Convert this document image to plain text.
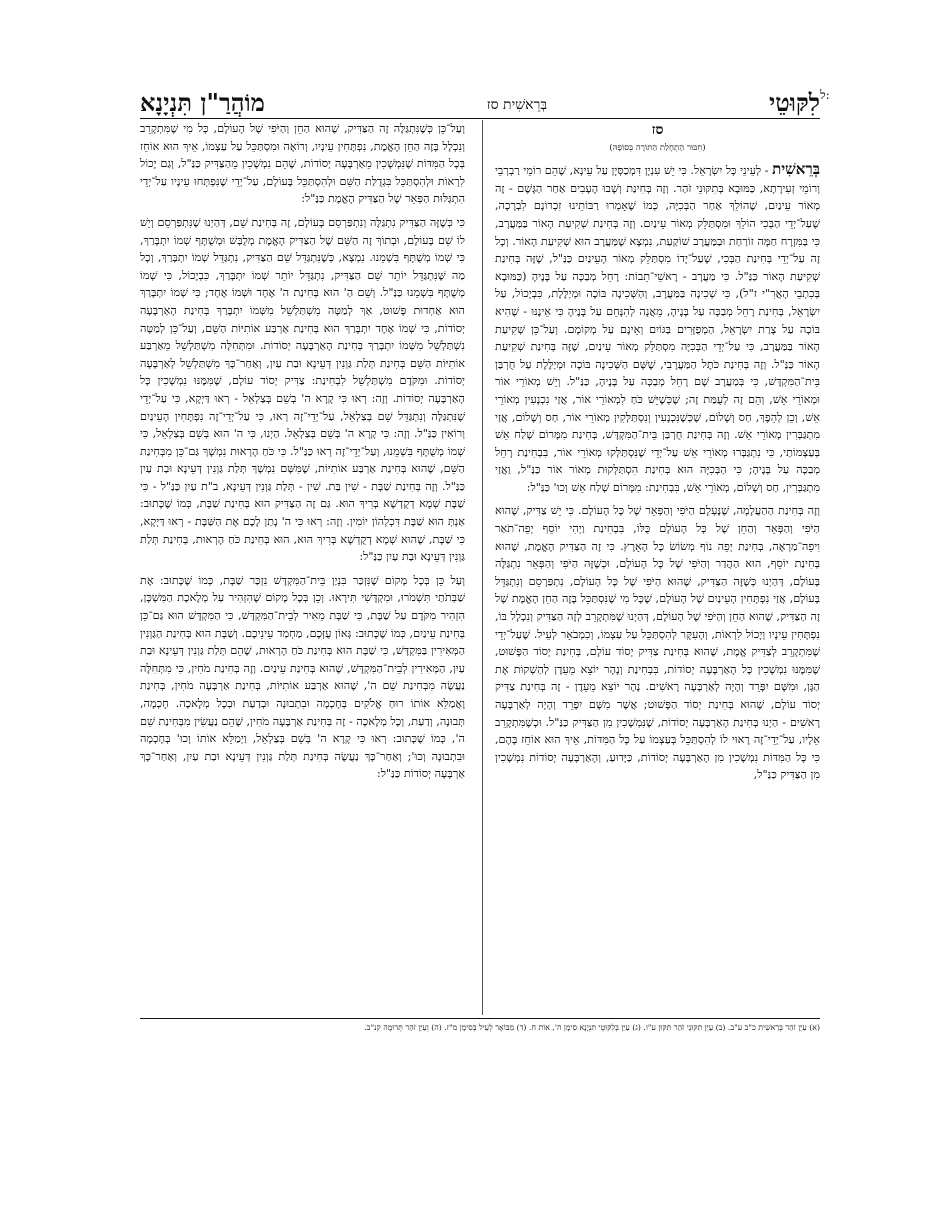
ל:
לִקּוּטֵי
בְּרֵאשִׁית סז
מוֹהֲרַ"ן תִּנְיָנָא
סז
(חִבּוּר הַתְחָלַת הַתּוֹרָה בְּסוֹפָהּ)

בְּרֵאשִׁית - לְעֵינֵי כָּל יִשְׂרָאֵל. כִּי יֵשׁ עִנְיָן דִּמְכַסְּיָן עַל עֵינָא, שֶׁהֵם רוֹמֵי רַבְרְבֵי וְרוֹמֵי זְעִירָתָא, כַּמּוּבָא בְּתִקּוּנֵי זֹהַר. וְזֶה בְּחִינַת וְשָׁבוּ הֶעָבִים אַחַר הַגָּשֶׁם - זֶה מְאוֹר עֵינַיִם, שֶׁהוֹלֵךְ אַחַר הַבְּכִיָּה, כְּמוֹ שֶׁאָמְרוּ רַבּוֹתֵינוּ זִכְרוֹנָם לִבְרָכָה, שֶׁעַל־יְדֵי הַבְּכִי הוֹלֵךְ וּמִסְתַּלֵּק מְאוֹר עֵינַיִם. וְזֶה בְּחִינַת שְׁקִיעַת הָאוֹר בַּמַּעֲרָב, כִּי בַּמִּזְרָח חַמָּה זוֹרַחַת וּבַמַּעֲרָב שׁוֹקַעַת, נִמְצָא שֶׁמַּעֲרָב הוּא שְׁקִיעַת הָאוֹר. וְכָל זֶה עַל־יְדֵי בְּחִינַת הַבְּכִי, שֶׁעַל־יָדוֹ מִסְתַּלֵּק מְאוֹר הָעֵינַיִם כַּנַּ"ל, שֶׁזֶּה בְּחִינַת שְׁקִיעַת הָאוֹר כַּנַּ"ל. כִּי מַעֲרָב - רָאשֵׁי־תֵבוֹת: רָחֵל מְבַכָּה עַל בָּנֶיהָ (כַּמּוּבָא בְּכִתְבֵי הָאֲרִ"י ז"ל), כִּי שְׁכִינָה בַּמַּעֲרָב, וְהַשְּׁכִינָה בּוֹכָה וּמְיַלֶּלֶת, כִּבְיָכוֹל, עַל יִשְׂרָאֵל, בְּחִינַת רָחֵל מְבַכָּה עַל בָּנֶיהָ, מֵאֲנָה לְהִנָּחֵם עַל בָּנֶיהָ כִּי אֵינֶנּוּ - שֶׁהִיא בּוֹכָה עַל צָרַת יִשְׂרָאֵל, הַמְפֻזָּרִים בַּגּוֹיִם וְאֵינָם עַל מְקוֹמָם. וְעַל־כֵּן שְׁקִיעַת הָאוֹר בַּמַּעֲרָב, כִּי עַל־יְדֵי הַבְּכִיָּה מִסְתַּלֵּק מְאוֹר עֵינַיִם, שֶׁזֶּה בְּחִינַת שְׁקִיעַת הָאוֹר כַּנַּ"ל. וְזֶה בְּחִינַת כֹּתֶל הַמַּעֲרָבִי, שֶׁשָּׁם הַשְּׁכִינָה בּוֹכָה וּמְיַלֶּלֶת עַל חֻרְבַּן בֵּית־הַמִּקְדָּשׁ, כִּי בְּמַעֲרָב שָׁם רָחֵל מְבַכָּה עַל בָּנֶיהָ, כַּנַּ"ל. וְיֵשׁ מְאוֹרֵי אוֹר וּמְאוֹרֵי אֵשׁ, וְהֵם זֶה לְעֻמַּת זֶה; שֶׁכְּשֶׁיֵּשׁ כֹּחַ לִמְאוֹרֵי אוֹר, אֲזַי נִכְנָעִין מְאוֹרֵי אֵשׁ, וְכֵן לְהֵפֶךְ, חַס וְשָׁלוֹם, שֶׁכְּשֶׁנִּכְנָעִין וְנִסְתַּלְּקִין מְאוֹרֵי אוֹר, חַס וְשָׁלוֹם, אֲזַי מִתְגַּבְּרִין מְאוֹרֵי אֵשׁ. וְזֶה בְּחִינַת חֻרְבַּן בֵּית־הַמִּקְדָּשׁ, בְּחִינַת מִמָּרוֹם שָׁלַח אֵשׁ בְּעַצְמוֹתַי, כִּי נִתְגַּבְּרוּ מְאוֹרֵי אֵשׁ עַל־יְדֵי שֶׁנִּסְתַּלְּקוּ מְאוֹרֵי אוֹר, בִּבְחִינַת רָחֵל מְבַכָּה עַל בָּנֶיהָ; כִּי הַבְּכִיָּה הוּא בְּחִינַת הִסְתַּלְּקוּת מְאוֹר אוֹר כַּנַּ"ל, וַאֲזַי מִתְגַּבְּרִין, חַס וְשָׁלוֹם, מְאוֹרֵי אֵשׁ, בִּבְחִינַת: מִמָּרוֹם שָׁלַח אֵשׁ וְכוּ' כַּנַּ"ל:

וְזֶה בְּחִינַת הַהַעֲלָמָה, שֶׁנֶּעְלָם הַיֹּפִי וְהַפְּאֵר שֶׁל כָּל הָעוֹלָם. כִּי יֵשׁ צַדִּיק, שֶׁהוּא הַיֹּפִי וְהַפְּאֵר וְהַחֵן שֶׁל כָּל הָעוֹלָם כֻּלּוֹ, בִּבְחִינַת וַיְהִי יוֹסֵף יְפֵה־תֹאַר וִיפֵה־מַרְאֶה, בְּחִינַת יְפֵה נוֹף מְשׂוֹשׂ כָּל הָאָרֶץ. כִּי זֶה הַצַּדִּיק הָאֱמֶת, שֶׁהוּא בְּחִינַת יוֹסֵף, הוּא הַהֲדַר וְהַיֹּפִי שֶׁל כָּל הָעוֹלָם, וּכְשֶׁזֶּה הַיֹּפִי וְהַפְּאֵר נִתְגַּלֶּה בָּעוֹלָם, דְּהַיְנוּ כְּשֶׁזֶּה הַצַּדִּיק, שֶׁהוּא הַיֹּפִי שֶׁל כָּל הָעוֹלָם, נִתְפַּרְסֵם וְנִתְגַּדֵּל בָּעוֹלָם, אֲזַי נִפְתָּחִין הָעֵינַיִם שֶׁל הָעוֹלָם, שֶׁכָּל מִי שֶׁנִּסְתַּכֵּל בָּזֶה הַחֵן הָאֱמֶת שֶׁל זֶה הַצַּדִּיק, שֶׁהוּא הַחֵן וְהַיֹּפִי שֶׁל הָעוֹלָם, דְּהַיְנוּ שֶׁמִּתְקָרֵב לְזֶה הַצַּדִּיק וְנִכְלָל בּוֹ, נִפְתָּחִין עֵינָיו וְיָכוֹל לִרְאוֹת, וְהָעִקָּר לְהִסְתַּכֵּל עַל עַצְמוֹ, וְכִמְבֹאָר לְעֵיל. שֶׁעַל־יְדֵי שֶׁמִּתְקָרֵב לְצַדִּיק אֱמֶת, שֶׁהוּא בְּחִינַת צַדִּיק יְסוֹד עוֹלָם, בְּחִינַת יְסוֹד הַפָּשׁוּט, שֶׁמִּמֶּנּוּ נִמְשָׁכִין כָּל הָאַרְבָּעָה יְסוֹדוֹת, בִּבְחִינַת וְנָהָר יוֹצֵא מֵעֵדֶן לְהַשְׁקוֹת אֶת הַגָּן, וּמִשָּׁם יִפָּרֵד וְהָיָה לְאַרְבָּעָה רָאשִׁים. נָהָר יוֹצֵא מֵעֵדֶן - זֶה בְּחִינַת צַדִּיק יְסוֹד עוֹלָם, שֶׁהוּא בְּחִינַת יְסוֹד הַפָּשׁוּט; אֲשֶׁר מִשָּׁם יִפָּרֵד וְהָיָה לְאַרְבָּעָה רָאשִׁים - הַיְנוּ בְּחִינַת הָאַרְבָּעָה יְסוֹדוֹת, שֶׁנִּמְשָׁכִין מִן הַצַּדִּיק כַּנַּ"ל. וּכְשֶׁמִּתְקָרֵב אֵלָיו, עַל־יְדֵי־זֶה רָאוּי לוֹ לְהִסְתַּכֵּל בְּעַצְמוֹ עַל כָּל הַמִּדּוֹת, אֵיךְ הוּא אוֹחֵז בָּהֶם, כִּי כָּל הַמִּדּוֹת נִמְשָׁכִין מִן הָאַרְבָּעָה יְסוֹדוֹת, כַּיָּדוּעַ, וְהָאַרְבָּעָה יְסוֹדוֹת נִמְשָׁכִין מִן הַצַּדִּיק כַּנַּ"ל,

וְעַל־כֵּן כְּשֶׁנִּתְגַּלֶּה זֶה הַצַּדִּיק, שֶׁהוּא הַחֵן וְהַיֹּפִי שֶׁל הָעוֹלָם, כָּל מִי שֶׁמִּתְקָרֵב וְנִכְלָל בָּזֶה הַחֵן הָאֱמֶת, נִפְתָּחִין עֵינָיו, וְרוֹאֶה וּמִסְתַּכֵּל עַל עַצְמוֹ, אֵיךְ הוּא אוֹחֵז בְּכָל הַמִּדּוֹת שֶׁנִּמְשָׁכִין מֵאַרְבָּעָה יְסוֹדוֹת, שֶׁהֵם נִמְשָׁכִין מֵהַצַּדִּיק כַּנַּ"ל, וְגַם יָכוֹל לִרְאוֹת וּלְהִסְתַּכֵּל בִּגְדֻלַּת הַשֵּׁם וּלְהִסְתַּכֵּל בָּעוֹלָם, עַל־יְדֵי שֶׁנִּפְתְּחוּ עֵינָיו עַל־יְדֵי הִתְגַּלּוּת הַפְּאֵר שֶׁל הַצַּדִּיק הָאֱמֶת כַּנַּ"ל:

כִּי כְּשֶׁזֶּה הַצַּדִּיק נִתְגַּלֶּה וְנִתְפַּרְסֵם בָּעוֹלָם, זֶה בְּחִינַת שֵׁם, דְּהַיְנוּ שֶׁנִּתְפַּרְסֵם וְיֵשׁ לוֹ שֵׁם בָּעוֹלָם, וּבְתוֹךְ זֶה הַשֵּׁם שֶׁל הַצַּדִּיק הָאֱמֶת מְלֻבָּשׁ וּמְשֻׁתָּף שְׁמוֹ יִתְבָּרַךְ, כִּי שְׁמוֹ מְשֻׁתָּף בִּשְׁמֵנוּ. נִמְצָא, כְּשֶׁנִּתְגַּדֵּל שֵׁם הַצַּדִּיק, נִתְגַּדֵּל שְׁמוֹ יִתְבָּרַךְ, וְכָל מַה שֶּׁנִּתְגַּדֵּל יוֹתֵר שֵׁם הַצַּדִּיק, נִתְגַּדֵּל יוֹתֵר שְׁמוֹ יִתְבָּרַךְ, כִּבְיָכוֹל, כִּי שְׁמוֹ מְשֻׁתָּף בִּשְׁמֵנוּ כַּנַּ"ל. וְשֵׁם הַ' הוּא בְּחִינַת ה' אֶחָד וּשְׁמוֹ אֶחָד; כִּי שְׁמוֹ יִתְבָּרַךְ הוּא אַחְדוּת פָּשׁוּט, אַךְ לְמַטָּה מִשְׁתַּלְשֵׁל מִשְּׁמוֹ יִתְבָּרַךְ בְּחִינַת הָאַרְבָּעָה יְסוֹדוֹת, כִּי שְׁמוֹ אֶחָד יִתְבָּרַךְ הוּא בְּחִינַת אַרְבַּע אוֹתִיּוֹת הַשֵּׁם, וְעַל־כֵּן לְמַטָּה נִשְׁתַּלְשֵׁל מִשְּׁמוֹ יִתְבָּרַךְ בְּחִינַת הָאַרְבָּעָה יְסוֹדוֹת. וּמִתְּחִלָּה מִשְׁתַּלְשֵׁל מֵאַרְבַּע אוֹתִיּוֹת הַשֵּׁם בְּחִינַת תְּלַת גַּוְנִין דְּעֵינָא וּבַת עַיִן, וְאַחַר־כָּךְ מִשְׁתַּלְשֵׁל לְאַרְבָּעָה יְסוֹדוֹת. וּמִקֹּדֶם מִשְׁתַּלְשֵׁל לִבְחִינַת: צַדִּיק יְסוֹד עוֹלָם, שֶׁמִּמֶּנּוּ נִמְשָׁכִין כָּל הָאַרְבָּעָה יְסוֹדוֹת. וְזֶה: רְאוּ כִּי קָרָא ה' בְשֵׁם בְּצַלְאֵל - רְאוּ דַּיְקָא, כִּי עַל־יְדֵי שֶׁנִּתְגַּלָּה וְנִתְגַּדֵּל שֵׁם בְּצַלְאֵל, עַל־יְדֵי־זֶה רְאוּ, כִּי עַל־יְדֵי־זֶה נִפְתָּחִין הָעֵינַיִם וְרוֹאִין כַּנַּ"ל. וְזֶה: כִּי קָרָא ה' בְּשֵׁם בְּצַלְאֵל. הַיְנוּ, כִּי ה' הוּא בְּשֵׁם בְּצַלְאֵל, כִּי שְׁמוֹ מְשֻׁתָּף בִּשְׁמֵנוּ, וְעַל־יְדֵי־זֶה רְאוּ כַּנַּ"ל. כִּי כֹּחַ הָרְאוּת נִמְשָׁךְ גַּם־כֵּן מִבְּחִינַת הַשֵּׁם, שֶׁהוּא בְּחִינַת אַרְבַּע אוֹתִיּוֹת, שֶׁמִּשָּׁם נִמְשָׁךְ תְּלַת גַּוְנִין דְּעֵינָא וּבַת עַיִן כַּנַּ"ל. וְזֶה בְּחִינַת שַׁבָּת - שִׁין בַּת. שִׁין - תְּלַת גַּוְנִין דְּעֵינָא, ב"ת עַיִן כַּנַּ"ל - כִּי שַׁבָּת שְׁמָא דְקֻדְשָׁא בְּרִיךְ הוּא. גַּם זֶה הַצַּדִּיק הוּא בְּחִינַת שַׁבָּת, כְּמוֹ שֶׁכָּתוּב: אַנְתְּ הוּא שַׁבָּת דִּכְלְהוֹן יוֹמִין. וְזֶה: רְאוּ כִּי ה' נָתַן לָכֶם אֶת הַשַּׁבָּת - רְאוּ דַּיְקָא, כִּי שַׁבָּת, שֶׁהוּא שְׁמָא דְקֻדְשָׁא בְּרִיךְ הוּא, הוּא בְּחִינַת כֹּחַ הָרְאוּת, בְּחִינַת תְּלַת גַּוְנִין דְּעֵינָא וּבַת עַיִן כַּנַּ"ל:

וְעַל כֵּן בְּכָל מָקוֹם שֶׁנִּזְכַּר בִּנְיַן בֵּית־הַמִּקְדָּשׁ נִזְכַּר שַׁבָּת, כְּמוֹ שֶׁכָּתוּב: אֶת שַׁבְּתֹתַי תִּשְׁמֹרוּ, וּמִקְדָּשִׁי תִּירָאוּ. וְכֵן בְּכָל מָקוֹם שֶׁהִזְהִיר עַל מְלֶאכֶת הַמִּשְׁכָּן, הִזְהִיר מִקֹּדֶם עַל שַׁבָּת, כִּי שַׁבָּת מֵאִיר לְבֵית־הַמִּקְדָּשׁ, כִּי הַמִּקְדָּשׁ הוּא גַּם־כֵּן בְּחִינַת עֵינַיִם, כְּמוֹ שֶׁכָּתוּב: גְּאוֹן עֻזְּכֶם, מַחְמַד עֵינֵיכֶם. וְשַׁבָּת הוּא בְּחִינַת הַגַּוְנִין הַמְּאִירִין בַּמִּקְדָּשׁ, כִּי שַׁבָּת הוּא בְּחִינַת כֹּחַ הָרְאוּת, שֶׁהֵם תְּלַת גַּוְנִין דְּעֵינָא וּבַת עַיִן, הַמְּאִירִין לְבֵית־הַמִּקְדָּשׁ, שֶׁהוּא בְּחִינַת עֵינַיִם. וְזֶה בְּחִינַת מֹחִין, כִּי מִתְּחִלָּה נַעֲשֶׂה מִבְּחִינַת שֵׁם ה', שֶׁהוּא אַרְבַּע אוֹתִיּוֹת, בְּחִינַת אַרְבָּעָה מֹחִין, בְּחִינַת וָאֲמַלֵּא אוֹתוֹ רוּחַ אֱלֹקִים בְּחָכְמָה וּבִתְבוּנָה וּבְדַעַת וּבְכָל מְלָאכָה. חָכְמָה, תְּבוּנָה, וְדַעַת, וְכָל מְלָאכָה - זֶה בְּחִינַת אַרְבָּעָה מֹחִין, שֶׁהֵם נַעֲשִׂין מִבְּחִינַת שֵׁם ה', כְּמוֹ שֶׁכָּתוּב: רְאוּ כִּי קָרָא ה' בְּשֵׁם בְּצַלְאֵל, וַיְמַלֵּא אוֹתוֹ וְכוּ' בְּחָכְמָה וּבִתְבוּנָה וְכוּ'; וְאַחַר־כָּךְ נַעֲשֶׂה בְּחִינַת תְּלַת גַּוְנִין דְּעֵינָא וּבַת עַיִן, וְאַחַר־כָּךְ אַרְבָּעָה יְסוֹדוֹת כַּנַּ"ל:

(א) עַיֵּן זֹהַר בְּרֵאשִׁית כ"ב ע"ב. (ב) עַיֵּן תִּקּוּנֵי זֹהַר תִּקּוּן ע"ו. (ג) עַיֵּן בְּלִקּוּטֵי תִּנְיָנָא סִימָן ה', אוֹת ח. (ד) מִבּוֹאָר לְעֵיל בְּסִימָן מ"ז. (ה) וְעַיֵּן זֹהַר תְּרוּמָה קנ"ב.
